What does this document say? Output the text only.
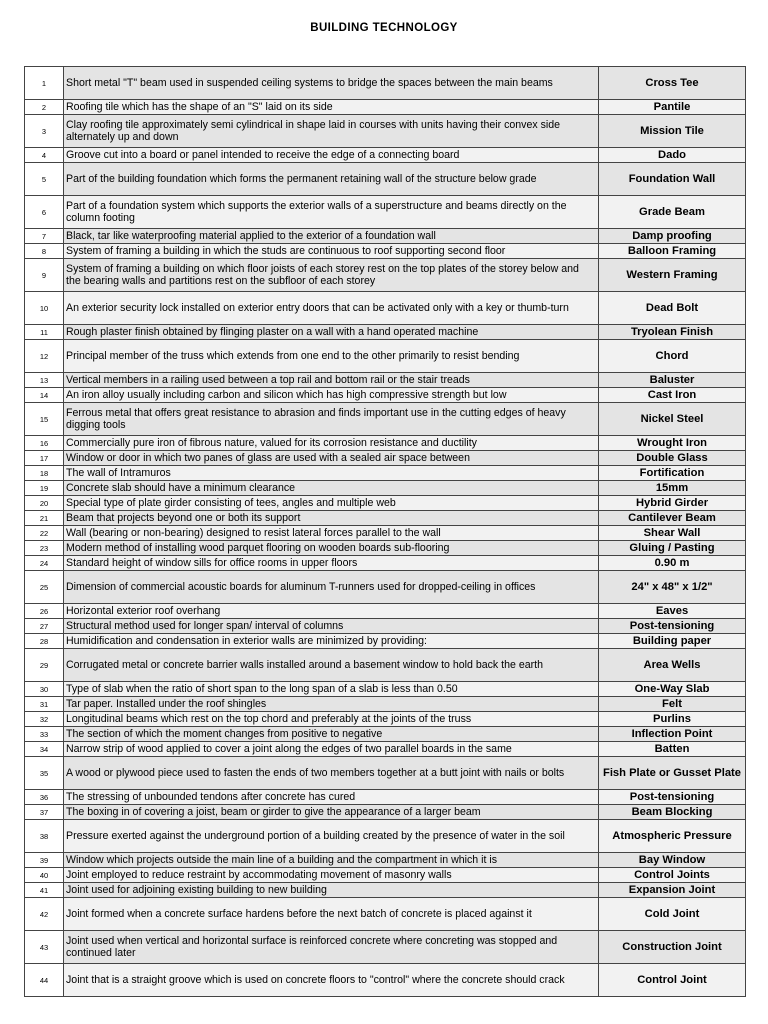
BUILDING TECHNOLOGY
1	Short metal "T" beam used in suspended ceiling systems to bridge the spaces between the main beams	Cross Tee
2	Roofing tile which has the shape of an "S" laid on its side	Pantile
3	Clay roofing tile approximately semi cylindrical in shape laid in courses with units having their convex side alternately up and down	Mission Tile
4	Groove cut into a board or panel intended to receive the edge of a connecting board	Dado
5	Part of the building foundation which forms the permanent retaining wall of the structure below grade	Foundation Wall
6	Part of a foundation system which supports the exterior walls of a superstructure and beams directly on the column footing	Grade Beam
7	Black, tar like waterproofing material applied to the exterior of a foundation wall	Damp proofing
8	System of framing a building in which the studs are continuous to roof supporting second floor	Balloon Framing
9	System of framing a building on which floor joists of each storey rest on the top plates of the storey below and the bearing walls and partitions rest on the subfloor of each storey	Western Framing
10	An exterior security lock installed on exterior entry doors that can be activated only with a key or thumb-turn	Dead Bolt
11	Rough plaster finish obtained by flinging plaster on a wall with a hand operated machine	Tryolean Finish
12	Principal member of the truss which extends from one end to the other primarily to resist bending	Chord
13	Vertical members in a railing used between a top rail and bottom rail or the stair treads	Baluster
14	An iron alloy usually including carbon and silicon which has high compressive strength but low	Cast Iron
15	Ferrous metal that offers great resistance to abrasion and finds important use in the cutting edges of heavy digging tools	Nickel Steel
16	Commercially pure iron of fibrous nature, valued for its corrosion resistance and ductility	Wrought Iron
17	Window or door in which two panes of glass are used with a sealed air space between	Double Glass
18	The wall of Intramuros	Fortification
19	Concrete slab should have a minimum clearance	15mm
20	Special type of plate girder consisting of tees, angles and multiple web	Hybrid Girder
21	Beam that projects beyond one or both its support	Cantilever Beam
22	Wall (bearing or non-bearing) designed to resist lateral forces parallel to the wall	Shear Wall
23	Modern method of installing wood parquet flooring on wooden boards sub-flooring	Gluing / Pasting
24	Standard height of window sills for office rooms in upper floors	0.90 m
25	Dimension of commercial acoustic boards for aluminum T-runners used for dropped-ceiling in offices	24" x 48" x 1/2"
26	Horizontal exterior roof overhang	Eaves
27	Structural method used for longer span/ interval of columns	Post-tensioning
28	Humidification and condensation in exterior walls are minimized by providing:	Building paper
29	Corrugated metal or concrete barrier walls installed around a basement window to hold back the earth	Area Wells
30	Type of slab when the ratio of short span to the long span of a slab is less than 0.50	One-Way Slab
31	Tar paper. Installed under the roof shingles	Felt
32	Longitudinal beams which rest on the top chord and preferably at the joints of the truss	Purlins
33	The section of which the moment changes from positive to negative	Inflection Point
34	Narrow strip of wood applied to cover a joint along the edges of two parallel boards in the same	Batten
35	A wood or plywood piece used to fasten the ends of two members together at a butt joint with nails or bolts	Fish Plate or Gusset Plate
36	The stressing of unbounded tendons after concrete has cured	Post-tensioning
37	The boxing in of covering a joist, beam or girder to give the appearance of a larger beam	Beam Blocking
38	Pressure exerted against the underground portion of a building created by the presence of water in the soil	Atmospheric Pressure
39	Window which projects outside the main line of a building and the compartment in which it is	Bay Window
40	Joint employed to reduce restraint by accommodating movement of masonry walls	Control Joints
41	Joint used for adjoining existing building to new building	Expansion Joint
42	Joint formed when a concrete surface hardens before the next batch of concrete is placed against it	Cold Joint
43	Joint used when vertical and horizontal surface is reinforced concrete where concreting was stopped and continued later	Construction Joint
44	Joint that is a straight groove which is used on concrete floors to "control" where the concrete should crack	Control Joint
